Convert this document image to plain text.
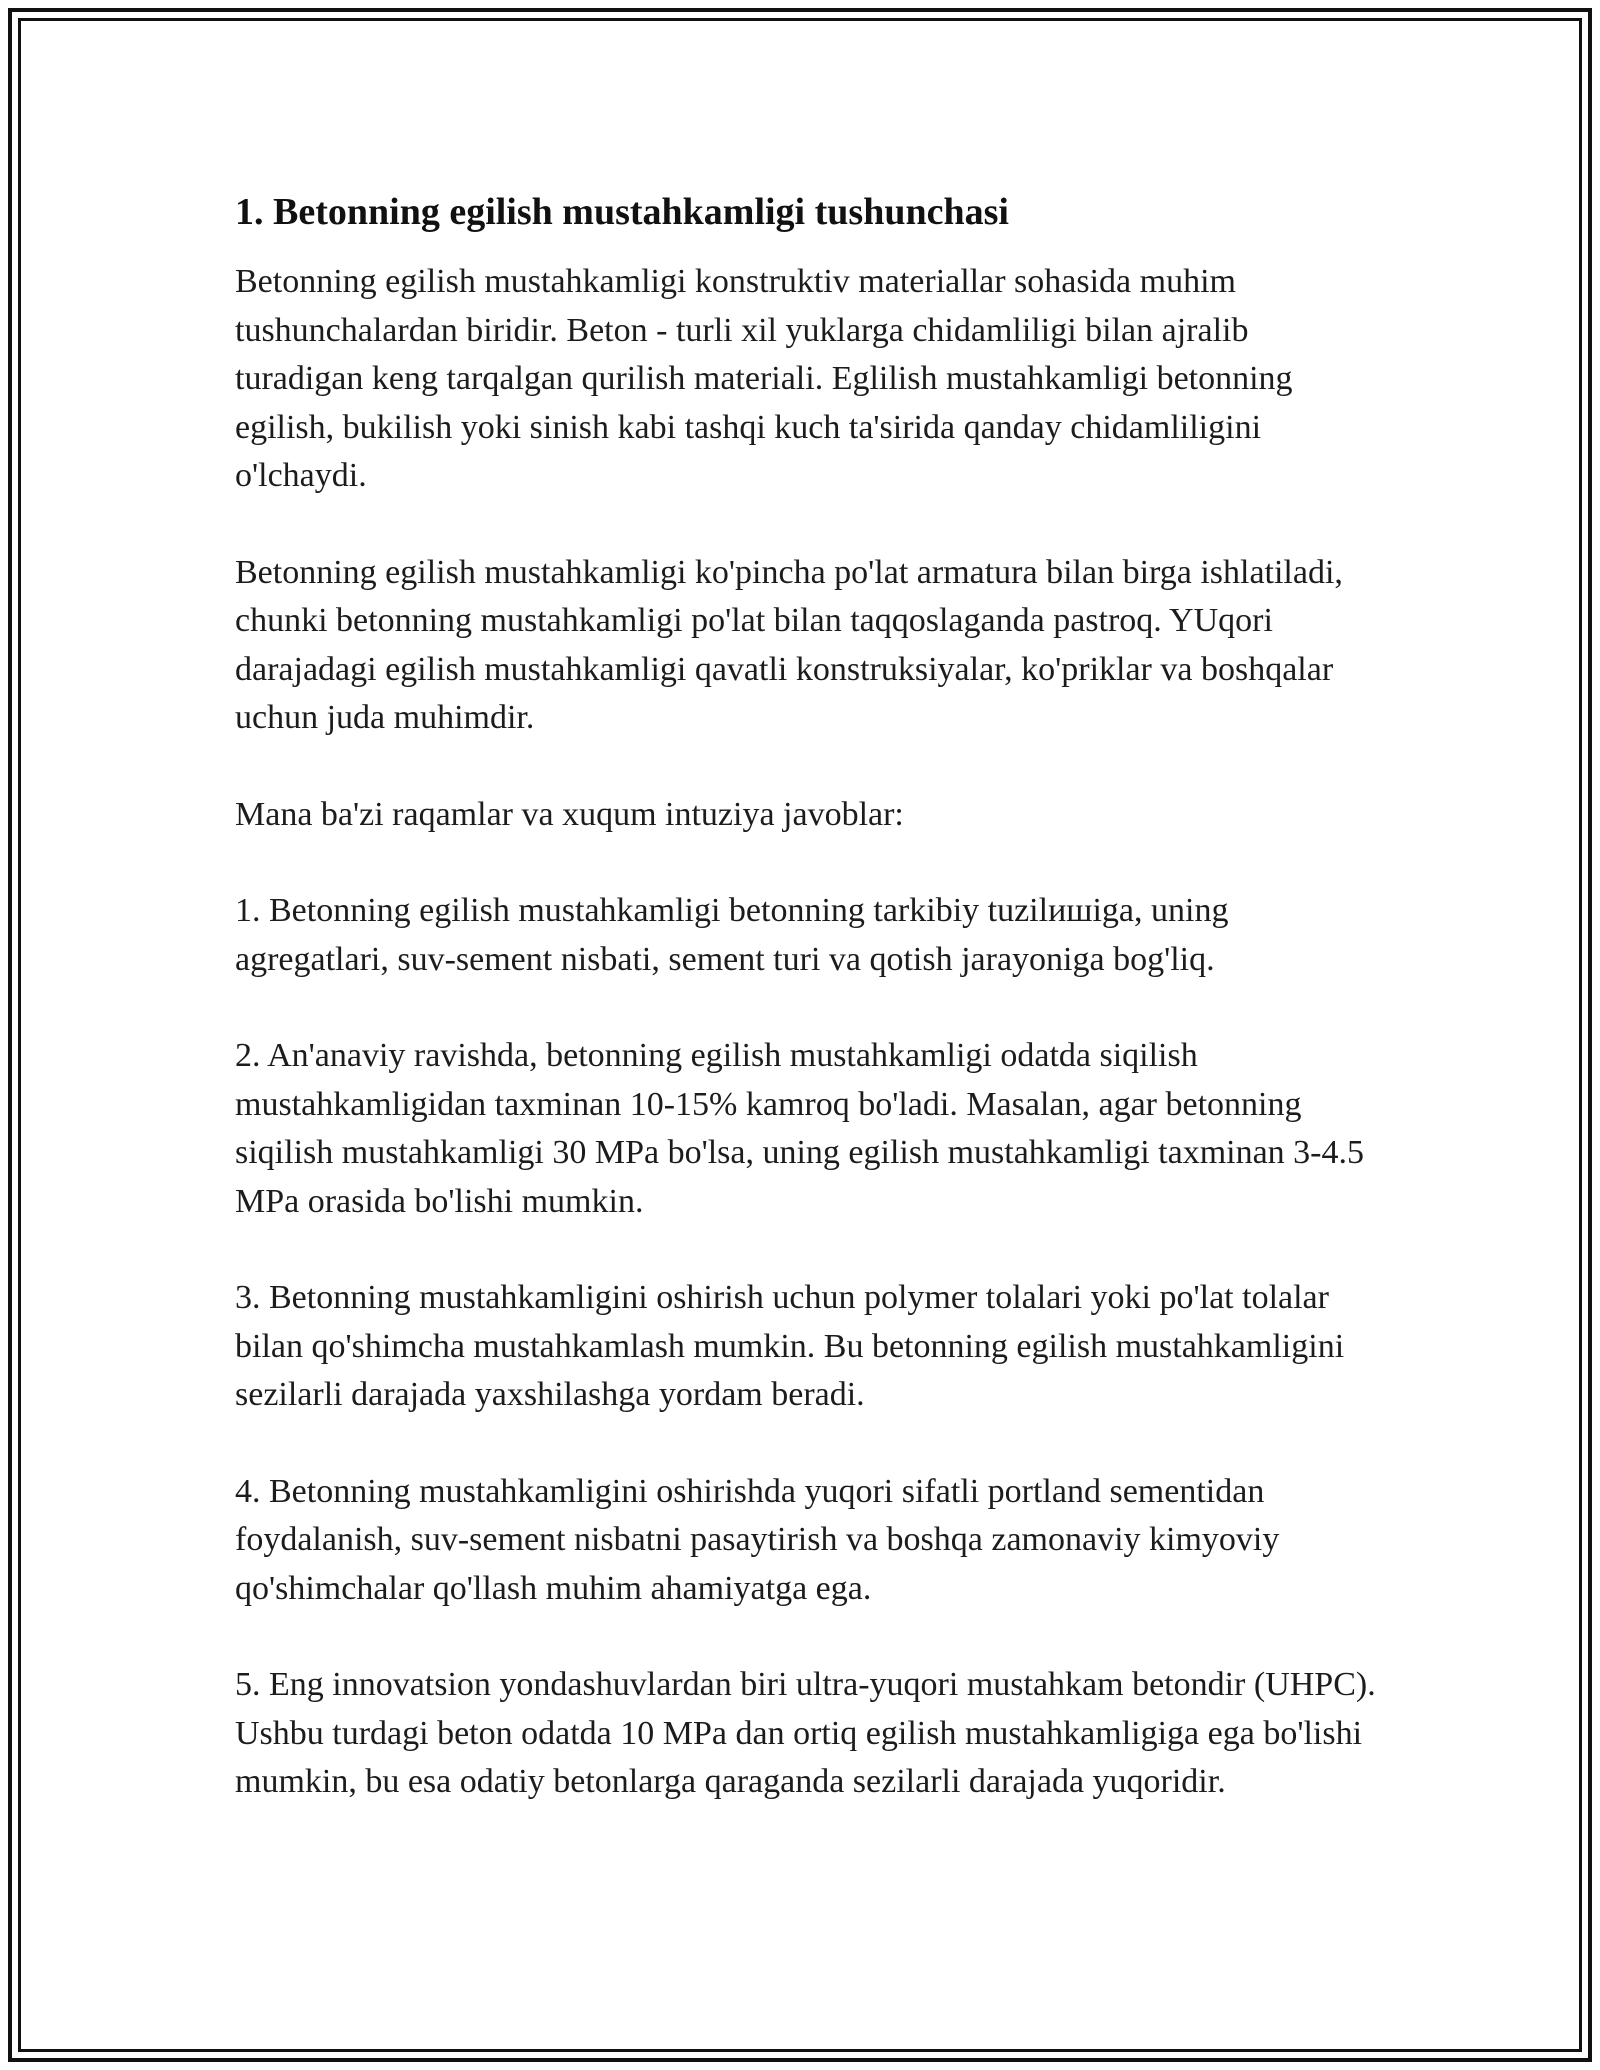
1. Betonning egilish mustahkamligi tushunchasi

Betonning egilish mustahkamligi konstruktiv materiallar sohasida muhim tushunchalardan biridir. Beton - turli xil yuklarga chidamliligi bilan ajralib turadigan keng tarqalgan qurilish materiali. Eglilish mustahkamligi betonning egilish, bukilish yoki sinish kabi tashqi kuch ta'sirida qanday chidamliligini o'lchaydi.

Betonning egilish mustahkamligi ko'pincha po'lat armatura bilan birga ishlatiladi, chunki betonning mustahkamligi po'lat bilan taqqoslaganda pastroq. YUqori darajadagi egilish mustahkamligi qavatli konstruksiyalar, ko'priklar va boshqalar uchun juda muhimdir.

Mana ba'zi raqamlar va xuqum intuziya javoblar:

1. Betonning egilish mustahkamligi betonning tarkibiy tuzilишiga, uning agregatlari, suv-sement nisbati, sement turi va qotish jarayoniga bog'liq.

2. An'anaviy ravishda, betonning egilish mustahkamligi odatda siqilish mustahkamligidan taxminan 10-15% kamroq bo'ladi. Masalan, agar betonning siqilish mustahkamligi 30 MPa bo'lsa, uning egilish mustahkamligi taxminan 3-4.5 MPa orasida bo'lishi mumkin.

3. Betonning mustahkamligini oshirish uchun polymer tolalari yoki po'lat tolalar bilan qo'shimcha mustahkamlash mumkin. Bu betonning egilish mustahkamligini sezilarli darajada yaxshilashga yordam beradi.

4. Betonning mustahkamligini oshirishda yuqori sifatli portland sementidan foydalanish, suv-sement nisbatni pasaytirish va boshqa zamonaviy kimyoviy qo'shimchalar qo'llash muhim ahamiyatga ega.

5. Eng innovatsion yondashuvlardan biri ultra-yuqori mustahkam betondir (UHPC). Ushbu turdagi beton odatda 10 MPa dan ortiq egilish mustahkamligiga ega bo'lishi mumkin, bu esa odatiy betonlarga qaraganda sezilarli darajada yuqoridir.
